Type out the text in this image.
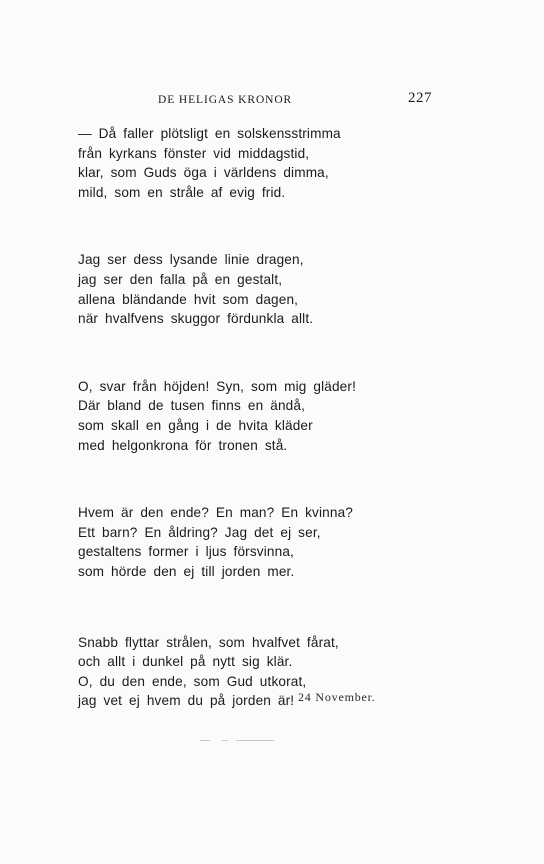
DE HELIGAS KRONOR	227
— Då faller plötsligt en solskensstrimma
från kyrkans fönster vid middagstid,
klar, som Guds öga i världens dimma,
mild, som en stråle af evig frid.
Jag ser dess lysande linie dragen,
jag ser den falla på en gestalt,
allena bländande hvit som dagen,
när hvalfvens skuggor fördunkla allt.
O, svar från höjden! Syn, som mig gläder!
Där bland de tusen finns en ändå,
som skall en gång i de hvita kläder
med helgonkrona för tronen stå.
Hvem är den ende? En man? En kvinna?
Ett barn? En åldring? Jag det ej ser,
gestaltens former i ljus försvinna,
som hörde den ej till jorden mer.
Snabb flyttar strålen, som hvalfvet fårat,
och allt i dunkel på nytt sig klär.
O, du den ende, som Gud utkorat,
jag vet ej hvem du på jorden är! 24 November.
